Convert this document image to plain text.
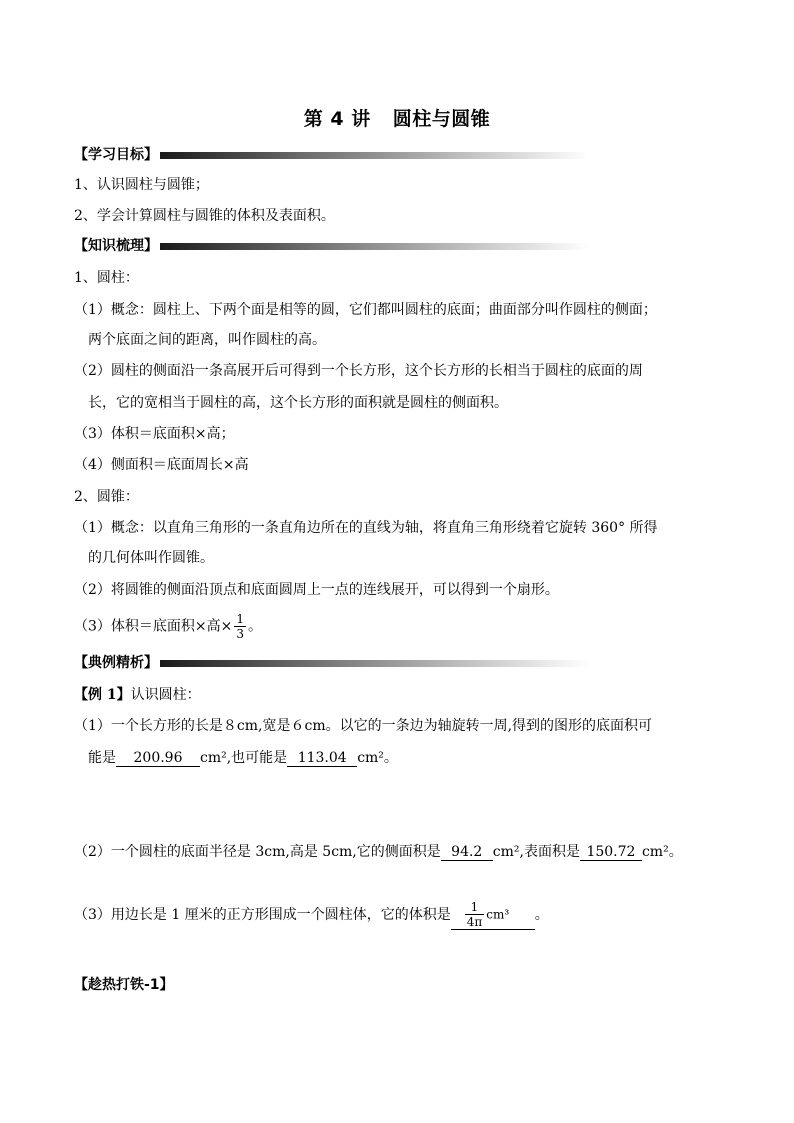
第 4 讲 圆柱与圆锥
【学习目标】
1、认识圆柱与圆锥；
2、学会计算圆柱与圆锥的体积及表面积。
【知识梳理】
1、圆柱：
（1）概念：圆柱上、下两个面是相等的圆，它们都叫圆柱的底面；曲面部分叫作圆柱的侧面；
两个底面之间的距离，叫作圆柱的高。
（2）圆柱的侧面沿一条高展开后可得到一个长方形，这个长方形的长相当于圆柱的底面的周
长，它的宽相当于圆柱的高，这个长方形的面积就是圆柱的侧面积。
（3）体积＝底面积×高；
（4）侧面积＝底面周长×高
2、圆锥：
（1）概念：以直角三角形的一条直角边所在的直线为轴，将直角三角形绕着它旋转 360° 所得
的几何体叫作圆锥。
（2）将圆锥的侧面沿顶点和底面圆周上一点的连线展开，可以得到一个扇形。
（3）体积＝底面积×高× $\frac{1}{3}$ 。
【典例精析】
【例 1】认识圆柱：
（1）一个长方形的长是８cm,宽是６cm。以它的一条边为轴旋转一周,得到的图形的底面积可
能是 200.96 cm²,也可能是 113.04 cm²。
（2）一个圆柱的底面半径是 3cm,高是 5cm,它的侧面积是 94.2 cm²,表面积是 150.72 cm²。
（3）用边长是 1 厘米的正方形围成一个圆柱体，它的体积是 $\frac{1}{4\pi} cm^3$ 。
【趁热打铁-1】
